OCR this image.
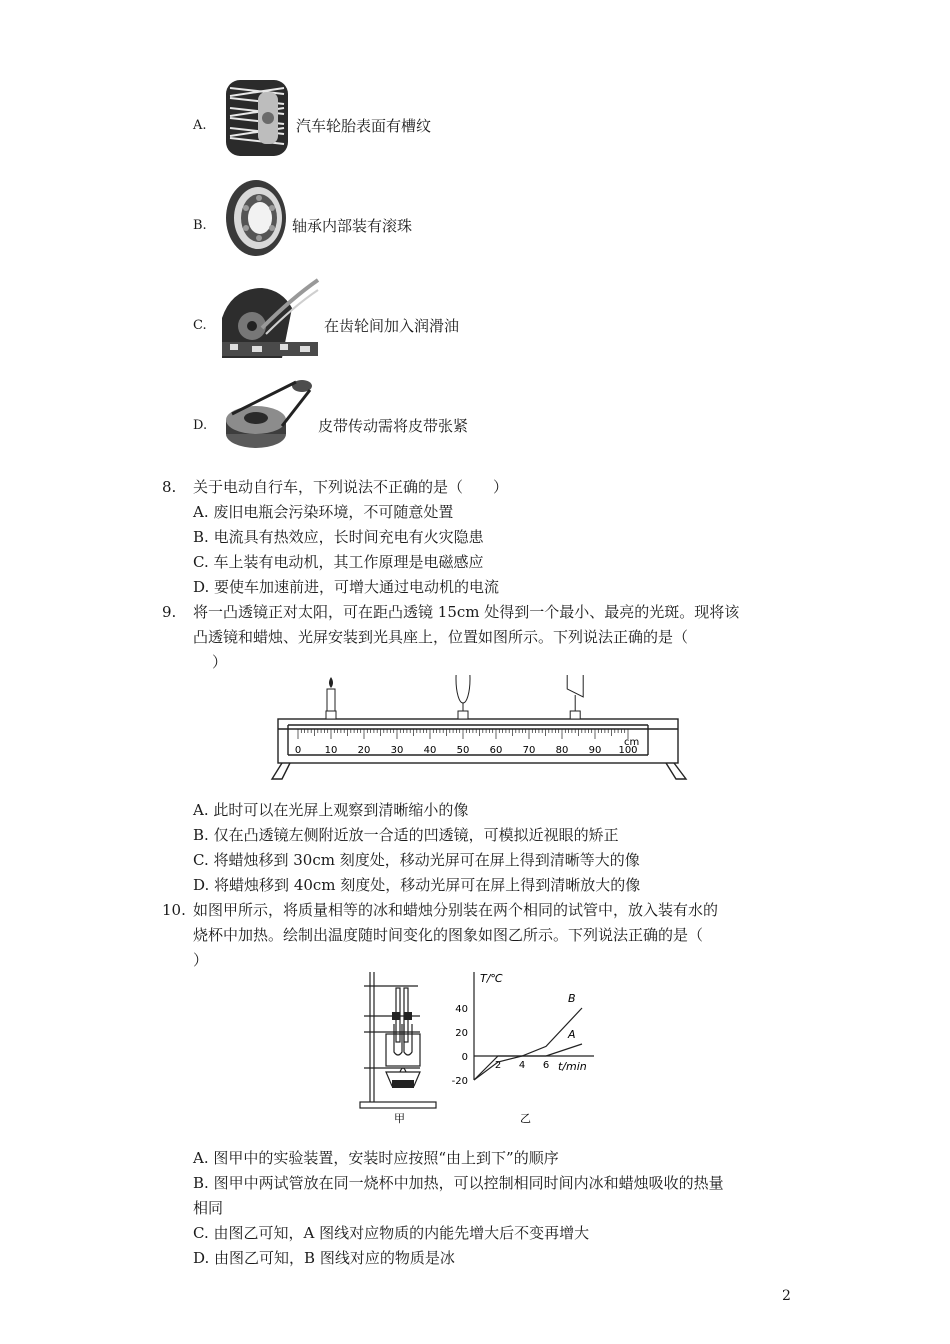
A.	汽车轮胎表面有槽纹
B.	轴承内部装有滚珠
C.	在齿轮间加入润滑油
D.	皮带传动需将皮带张紧
8. 关于电动自行车，下列说法不正确的是（　　）
A. 废旧电瓶会污染环境，不可随意处置
B. 电流具有热效应，长时间充电有火灾隐患
C. 车上装有电动机，其工作原理是电磁感应
D. 要使车加速前进，可增大通过电动机的电流
9. 将一凸透镜正对太阳，可在距凸透镜 15cm 处得到一个最小、最亮的光斑。现将该
凸透镜和蜡烛、光屏安装到光具座上，位置如图所示。下列说法正确的是（
）
0 10 20 30 40 50 60 70 80 90 100
cm
A. 此时可以在光屏上观察到清晰缩小的像
B. 仅在凸透镜左侧附近放一合适的凹透镜，可模拟近视眼的矫正
C. 将蜡烛移到 30cm 刻度处，移动光屏可在屏上得到清晰等大的像
D. 将蜡烛移到 40cm 刻度处，移动光屏可在屏上得到清晰放大的像
10. 如图甲所示，将质量相等的冰和蜡烛分别装在两个相同的试管中，放入装有水的
烧杯中加热。绘制出温度随时间变化的图象如图乙所示。下列说法正确的是（
）
甲
40
20
0
-20
2 4 6
A
B
T/℃
t/min
乙
A. 图甲中的实验装置，安装时应按照“由上到下”的顺序
B. 图甲中两试管放在同一烧杯中加热，可以控制相同时间内冰和蜡烛吸收的热量
相同
C. 由图乙可知，A 图线对应物质的内能先增大后不变再增大
D. 由图乙可知，B 图线对应的物质是冰
2
